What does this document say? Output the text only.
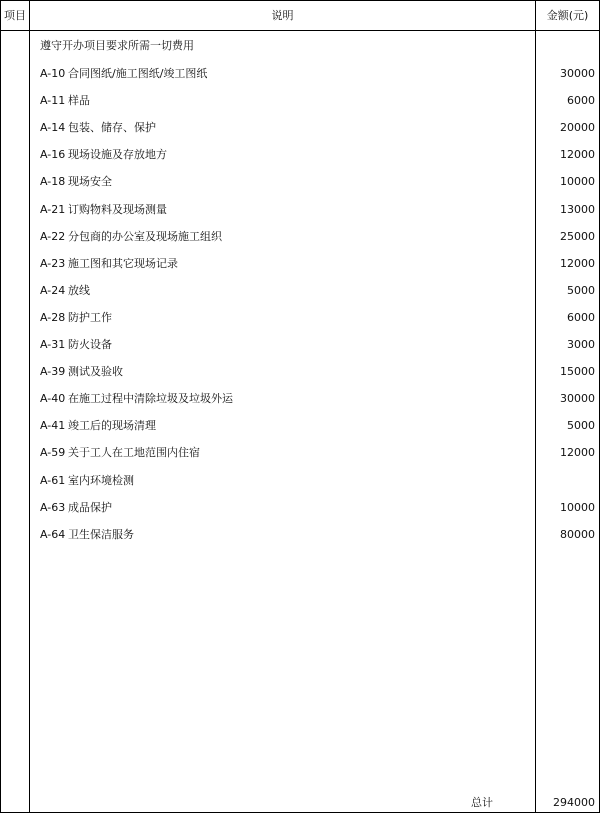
项目	说明	金额(元)
遵守开办项目要求所需一切费用
A-10 合同图纸/施工图纸/竣工图纸	30000
A-11 样品	6000
A-14 包装、储存、保护	20000
A-16 现场设施及存放地方	12000
A-18 现场安全	10000
A-21 订购物料及现场测量	13000
A-22 分包商的办公室及现场施工组织	25000
A-23 施工图和其它现场记录	12000
A-24 放线	5000
A-28 防护工作	6000
A-31 防火设备	3000
A-39 测试及验收	15000
A-40 在施工过程中清除垃圾及垃圾外运	30000
A-41 竣工后的现场清理	5000
A-59 关于工人在工地范围内住宿	12000
A-61 室内环境检测
A-63 成品保护	10000
A-64 卫生保洁服务	80000
总计	294000
